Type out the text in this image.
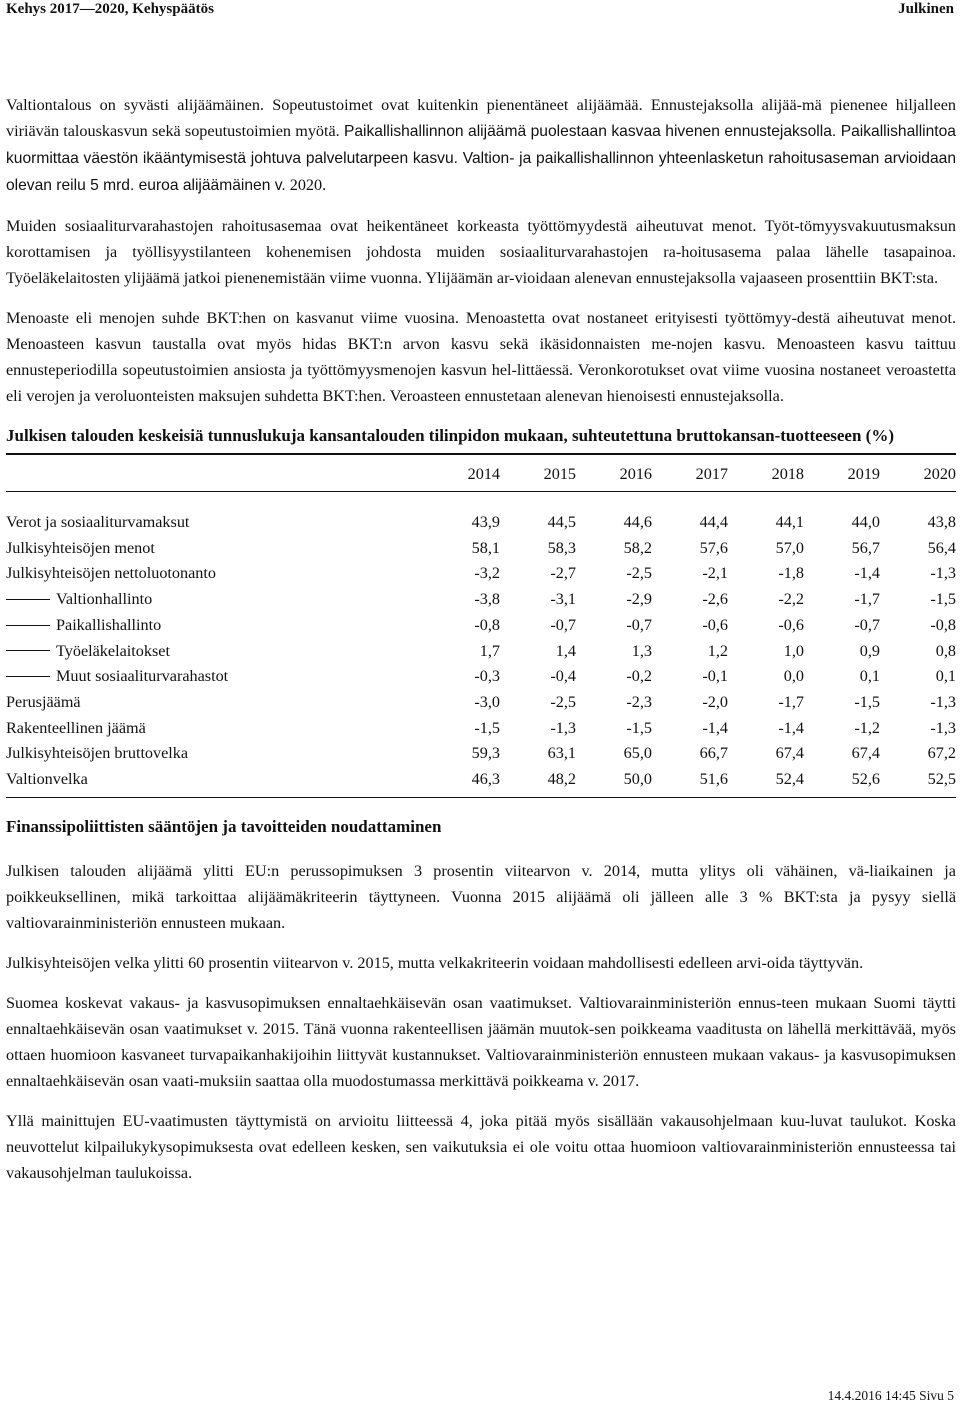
Kehys 2017—2020, Kehyspäätös	Julkinen

Valtiontalous on syvästi alijäämäinen. Sopeutustoimet ovat kuitenkin pienentäneet alijäämää. Ennustejaksolla alijää-mä pienenee hiljalleen viriävän talouskasvun sekä sopeutustoimien myötä. Paikallishallinnon alijäämä puolestaan kasvaa hivenen ennustejaksolla. Paikallishallintoa kuormittaa väestön ikääntymisestä johtuva palvelutarpeen kasvu. Valtion- ja paikallishallinnon yhteenlasketun rahoitusaseman arvioidaan olevan reilu 5 mrd. euroa alijäämäinen v. 2020.

Muiden sosiaaliturvarahastojen rahoitusasemaa ovat heikentäneet korkeasta työttömyydestä aiheutuvat menot. Työt-tömyysvakuutusmaksun korottamisen ja työllisyystilanteen kohenemisen johdosta muiden sosiaaliturvarahastojen ra-hoitusasema palaa lähelle tasapainoa. Työeläkelaitosten ylijäämä jatkoi pienenemistään viime vuonna. Ylijäämän ar-vioidaan alenevan ennustejaksolla vajaaseen prosenttiin BKT:sta.

Menoaste eli menojen suhde BKT:hen on kasvanut viime vuosina. Menoastetta ovat nostaneet erityisesti työttömyy-destä aiheutuvat menot. Menoasteen kasvun taustalla ovat myös hidas BKT:n arvon kasvu sekä ikäsidonnaisten me-nojen kasvu. Menoasteen kasvu taittuu ennusteperiodilla sopeutustoimien ansiosta ja työttömyysmenojen kasvun hel-littäessä. Veronkorotukset ovat viime vuosina nostaneet veroastetta eli verojen ja veroluonteisten maksujen suhdetta BKT:hen. Veroasteen ennustetaan alenevan hienoisesti ennustejaksolla.

Julkisen talouden keskeisiä tunnuslukuja kansantalouden tilinpidon mukaan, suhteutettuna bruttokansan-tuotteeseen (%)
	2014	2015	2016	2017	2018	2019	2020
Verot ja sosiaaliturvamaksut	43,9	44,5	44,6	44,4	44,1	44,0	43,8
Julkisyhteisöjen menot	58,1	58,3	58,2	57,6	57,0	56,7	56,4
Julkisyhteisöjen nettoluotonanto	-3,2	-2,7	-2,5	-2,1	-1,8	-1,4	-1,3
Valtionhallinto	-3,8	-3,1	-2,9	-2,6	-2,2	-1,7	-1,5
Paikallishallinto	-0,8	-0,7	-0,7	-0,6	-0,6	-0,7	-0,8
Työeläkelaitokset	1,7	1,4	1,3	1,2	1,0	0,9	0,8
Muut sosiaaliturvarahastot	-0,3	-0,4	-0,2	-0,1	0,0	0,1	0,1
Perusjäämä	-3,0	-2,5	-2,3	-2,0	-1,7	-1,5	-1,3
Rakenteellinen jäämä	-1,5	-1,3	-1,5	-1,4	-1,4	-1,2	-1,3
Julkisyhteisöjen bruttovelka	59,3	63,1	65,0	66,7	67,4	67,4	67,2
Valtionvelka	46,3	48,2	50,0	51,6	52,4	52,6	52,5
Finanssipoliittisten sääntöjen ja tavoitteiden noudattaminen

Julkisen talouden alijäämä ylitti EU:n perussopimuksen 3 prosentin viitearvon v. 2014, mutta ylitys oli vähäinen, vä-liaikainen ja poikkeuksellinen, mikä tarkoittaa alijäämäkriteerin täyttyneen. Vuonna 2015 alijäämä oli jälleen alle 3 % BKT:sta ja pysyy siellä valtiovarainministeriön ennusteen mukaan.

Julkisyhteisöjen velka ylitti 60 prosentin viitearvon v. 2015, mutta velkakriteerin voidaan mahdollisesti edelleen arvi-oida täyttyvän.

Suomea koskevat vakaus- ja kasvusopimuksen ennaltaehkäisevän osan vaatimukset. Valtiovarainministeriön ennus-teen mukaan Suomi täytti ennaltaehkäisevän osan vaatimukset v. 2015. Tänä vuonna rakenteellisen jäämän muutok-sen poikkeama vaaditusta on lähellä merkittävää, myös ottaen huomioon kasvaneet turvapaikanhakijoihin liittyvät kustannukset. Valtiovarainministeriön ennusteen mukaan vakaus- ja kasvusopimuksen ennaltaehkäisevän osan vaati-muksiin saattaa olla muodostumassa merkittävä poikkeama v. 2017.

Yllä mainittujen EU-vaatimusten täyttymistä on arvioitu liitteessä 4, joka pitää myös sisällään vakausohjelmaan kuu-luvat taulukot. Koska neuvottelut kilpailukykysopimuksesta ovat edelleen kesken, sen vaikutuksia ei ole voitu ottaa huomioon valtiovarainministeriön ennusteessa tai vakausohjelman taulukoissa.

14.4.2016 14:45 Sivu 5
